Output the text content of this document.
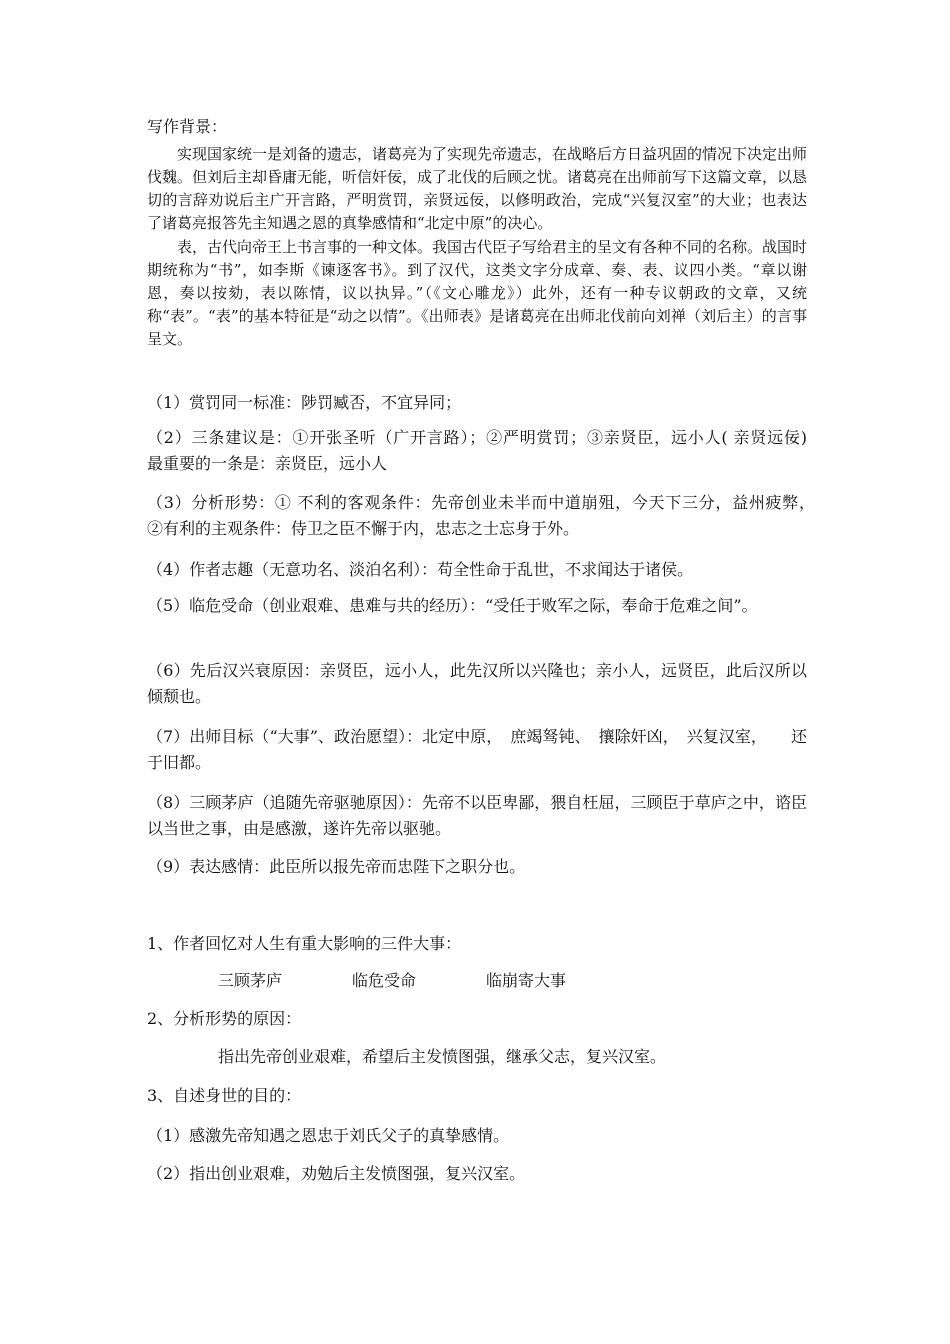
写作背景：
实现国家统一是刘备的遗志，诸葛亮为了实现先帝遗志，在战略后方日益巩固的情况下决定出师伐魏。但刘后主却昏庸无能，听信奸佞，成了北伐的后顾之忧。诸葛亮在出师前写下这篇文章，以恳切的言辞劝说后主广开言路，严明赏罚，亲贤远佞，以修明政治，完成“兴复汉室”的大业；也表达了诸葛亮报答先主知遇之恩的真挚感情和“北定中原”的决心。
表，古代向帝王上书言事的一种文体。我国古代臣子写给君主的呈文有各种不同的名称。战国时期统称为“书”，如李斯《谏逐客书》。到了汉代，这类文字分成章、奏、表、议四小类。“章以谢恩，奏以按劾，表以陈情，议以执异。”（《文心雕龙》）此外，还有一种专议朝政的文章，又统称“表”。“表”的基本特征是“动之以情”。《出师表》是诸葛亮在出师北伐前向刘禅（刘后主）的言事呈文。
（1）赏罚同一标准：陟罚臧否，不宜异同；
（2）三条建议是：①开张圣听（广开言路）；②严明赏罚；③亲贤臣，远小人( 亲贤远佞)　　最重要的一条是：亲贤臣，远小人
（3）分析形势：① 不利的客观条件：先帝创业未半而中道崩殂，今天下三分，益州疲弊，　②有利的主观条件：侍卫之臣不懈于内，忠志之士忘身于外。
（4）作者志趣（无意功名、淡泊名利）：苟全性命于乱世，不求闻达于诸侯。
（5）临危受命（创业艰难、患难与共的经历）：“受任于败军之际，奉命于危难之间”。
（6）先后汉兴衰原因：亲贤臣，远小人，此先汉所以兴隆也；亲小人，远贤臣，此后汉所以倾颓也。
（7）出师目标（“大事”、政治愿望）：北定中原，　庶竭驽钝、　攘除奸凶，　兴复汉室，　　还于旧都。
（8）三顾茅庐（追随先帝驱驰原因）：先帝不以臣卑鄙，猥自枉屈，三顾臣于草庐之中，谘臣以当世之事，由是感激，遂许先帝以驱驰。
（9）表达感情：此臣所以报先帝而忠陛下之职分也。
1、作者回忆对人生有重大影响的三件大事：
三顾茅庐	临危受命	临崩寄大事
2、分析形势的原因：
指出先帝创业艰难，希望后主发愤图强，继承父志，复兴汉室。
3、自述身世的目的：
（1）感激先帝知遇之恩忠于刘氏父子的真挚感情。
（2）指出创业艰难，劝勉后主发愤图强，复兴汉室。
